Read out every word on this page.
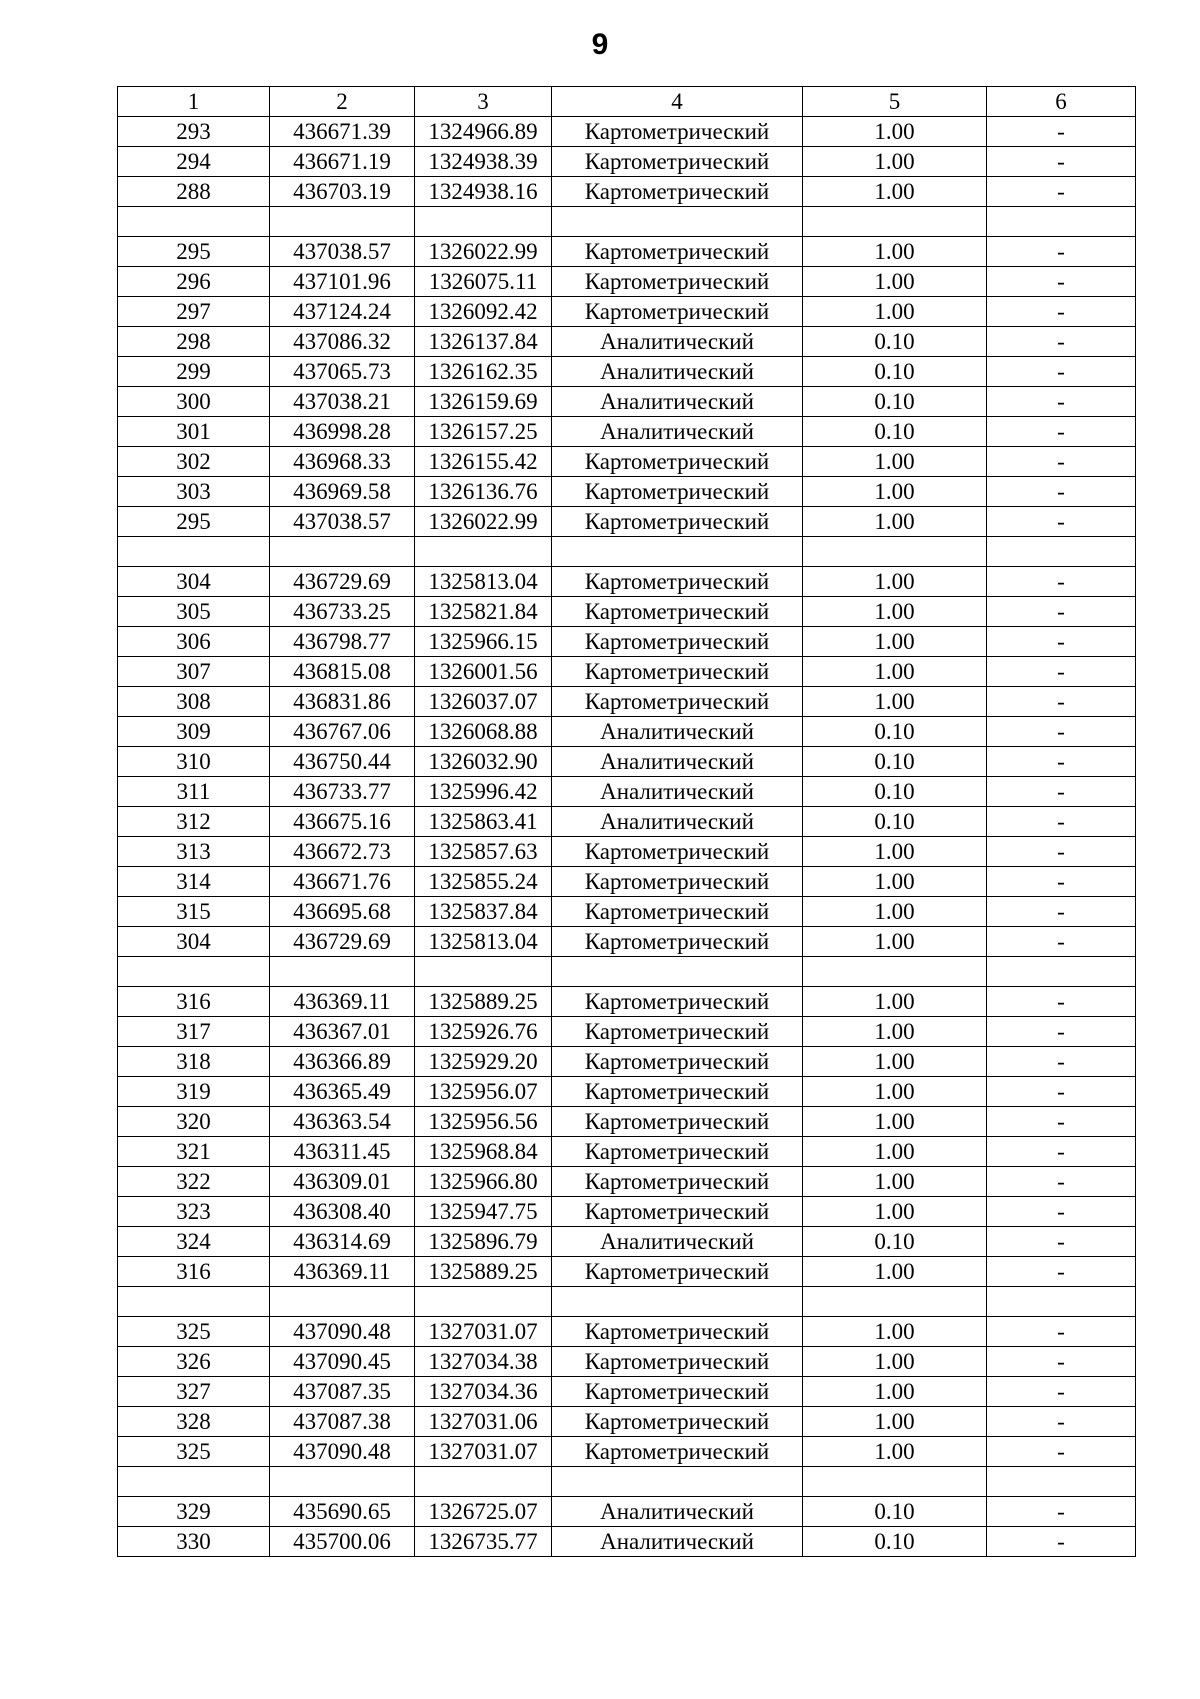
9
1	2	3	4	5	6
293	436671.39	1324966.89	Картометрический	1.00	-
294	436671.19	1324938.39	Картометрический	1.00	-
288	436703.19	1324938.16	Картометрический	1.00	-

295	437038.57	1326022.99	Картометрический	1.00	-
296	437101.96	1326075.11	Картометрический	1.00	-
297	437124.24	1326092.42	Картометрический	1.00	-
298	437086.32	1326137.84	Аналитический	0.10	-
299	437065.73	1326162.35	Аналитический	0.10	-
300	437038.21	1326159.69	Аналитический	0.10	-
301	436998.28	1326157.25	Аналитический	0.10	-
302	436968.33	1326155.42	Картометрический	1.00	-
303	436969.58	1326136.76	Картометрический	1.00	-
295	437038.57	1326022.99	Картометрический	1.00	-

304	436729.69	1325813.04	Картометрический	1.00	-
305	436733.25	1325821.84	Картометрический	1.00	-
306	436798.77	1325966.15	Картометрический	1.00	-
307	436815.08	1326001.56	Картометрический	1.00	-
308	436831.86	1326037.07	Картометрический	1.00	-
309	436767.06	1326068.88	Аналитический	0.10	-
310	436750.44	1326032.90	Аналитический	0.10	-
311	436733.77	1325996.42	Аналитический	0.10	-
312	436675.16	1325863.41	Аналитический	0.10	-
313	436672.73	1325857.63	Картометрический	1.00	-
314	436671.76	1325855.24	Картометрический	1.00	-
315	436695.68	1325837.84	Картометрический	1.00	-
304	436729.69	1325813.04	Картометрический	1.00	-

316	436369.11	1325889.25	Картометрический	1.00	-
317	436367.01	1325926.76	Картометрический	1.00	-
318	436366.89	1325929.20	Картометрический	1.00	-
319	436365.49	1325956.07	Картометрический	1.00	-
320	436363.54	1325956.56	Картометрический	1.00	-
321	436311.45	1325968.84	Картометрический	1.00	-
322	436309.01	1325966.80	Картометрический	1.00	-
323	436308.40	1325947.75	Картометрический	1.00	-
324	436314.69	1325896.79	Аналитический	0.10	-
316	436369.11	1325889.25	Картометрический	1.00	-

325	437090.48	1327031.07	Картометрический	1.00	-
326	437090.45	1327034.38	Картометрический	1.00	-
327	437087.35	1327034.36	Картометрический	1.00	-
328	437087.38	1327031.06	Картометрический	1.00	-
325	437090.48	1327031.07	Картометрический	1.00	-

329	435690.65	1326725.07	Аналитический	0.10	-
330	435700.06	1326735.77	Аналитический	0.10	-
